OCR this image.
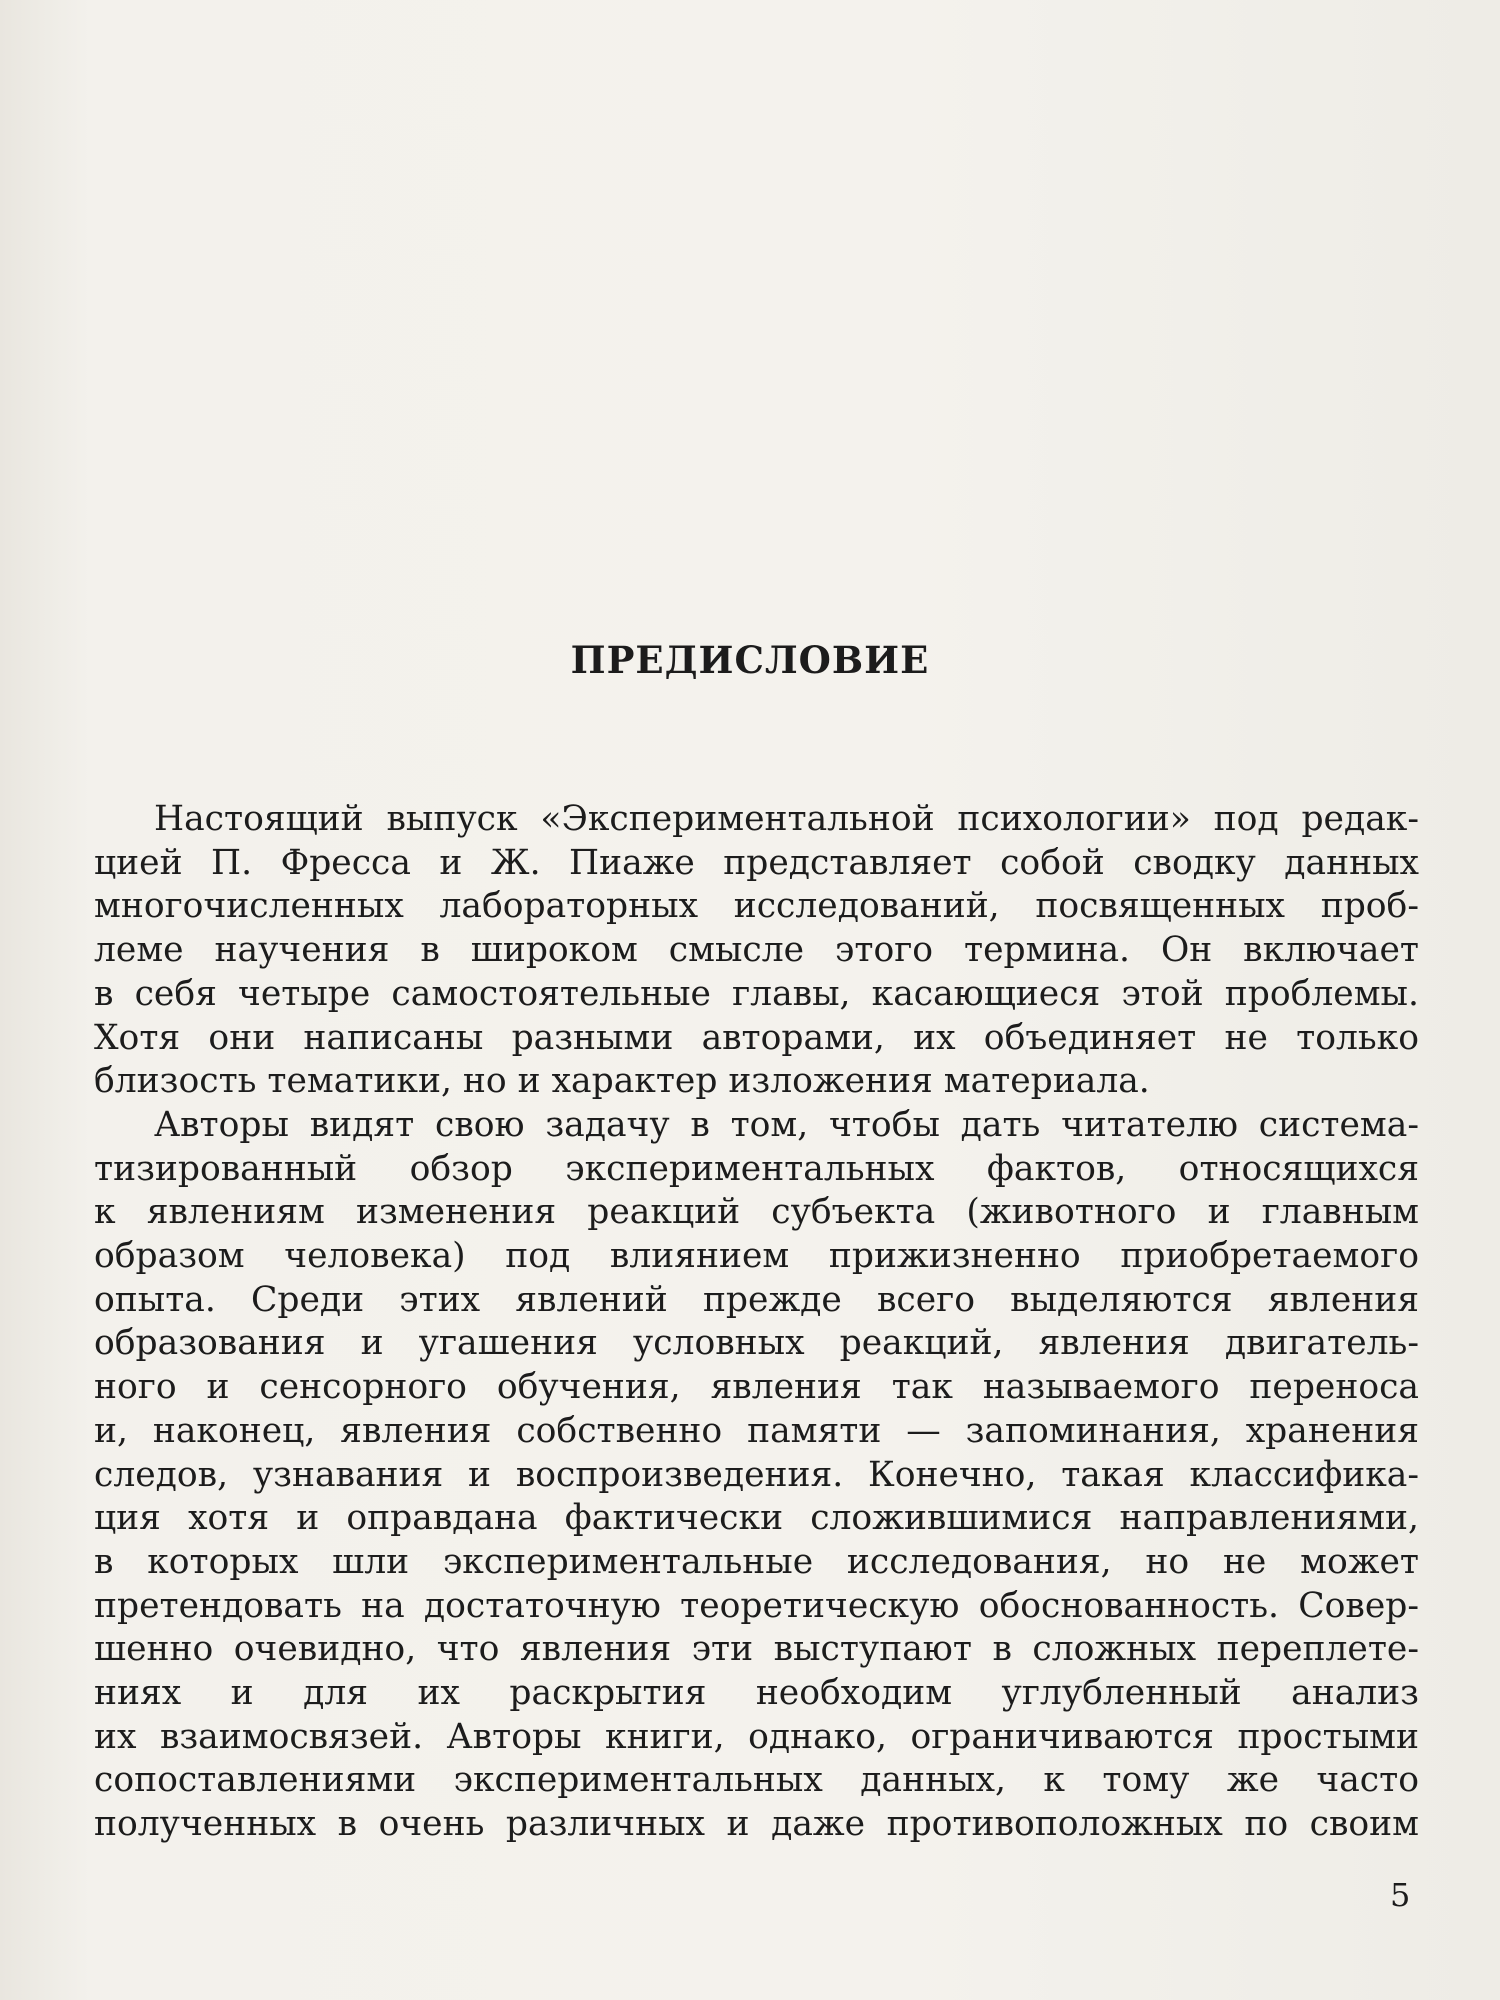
ПРЕДИСЛОВИЕ
Настоящий выпуск «Экспериментальной психологии» под редак-
цией П. Фресса и Ж. Пиаже представляет собой сводку данных
многочисленных лабораторных исследований, посвященных проб-
леме научения в широком смысле этого термина. Он включает
в себя четыре самостоятельные главы, касающиеся этой проблемы.
Хотя они написаны разными авторами, их объединяет не только
близость тематики, но и характер изложения материала.
Авторы видят свою задачу в том, чтобы дать читателю система-
тизированный обзор экспериментальных фактов, относящихся
к явлениям изменения реакций субъекта (животного и главным
образом человека) под влиянием прижизненно приобретаемого
опыта. Среди этих явлений прежде всего выделяются явления
образования и угашения условных реакций, явления двигатель-
ного и сенсорного обучения, явления так называемого переноса
и, наконец, явления собственно памяти — запоминания, хранения
следов, узнавания и воспроизведения. Конечно, такая классифика-
ция хотя и оправдана фактически сложившимися направлениями,
в которых шли экспериментальные исследования, но не может
претендовать на достаточную теоретическую обоснованность. Совер-
шенно очевидно, что явления эти выступают в сложных переплете-
ниях и для их раскрытия необходим углубленный анализ
их взаимосвязей. Авторы книги, однако, ограничиваются простыми
сопоставлениями экспериментальных данных, к тому же часто
полученных в очень различных и даже противоположных по своим
5
